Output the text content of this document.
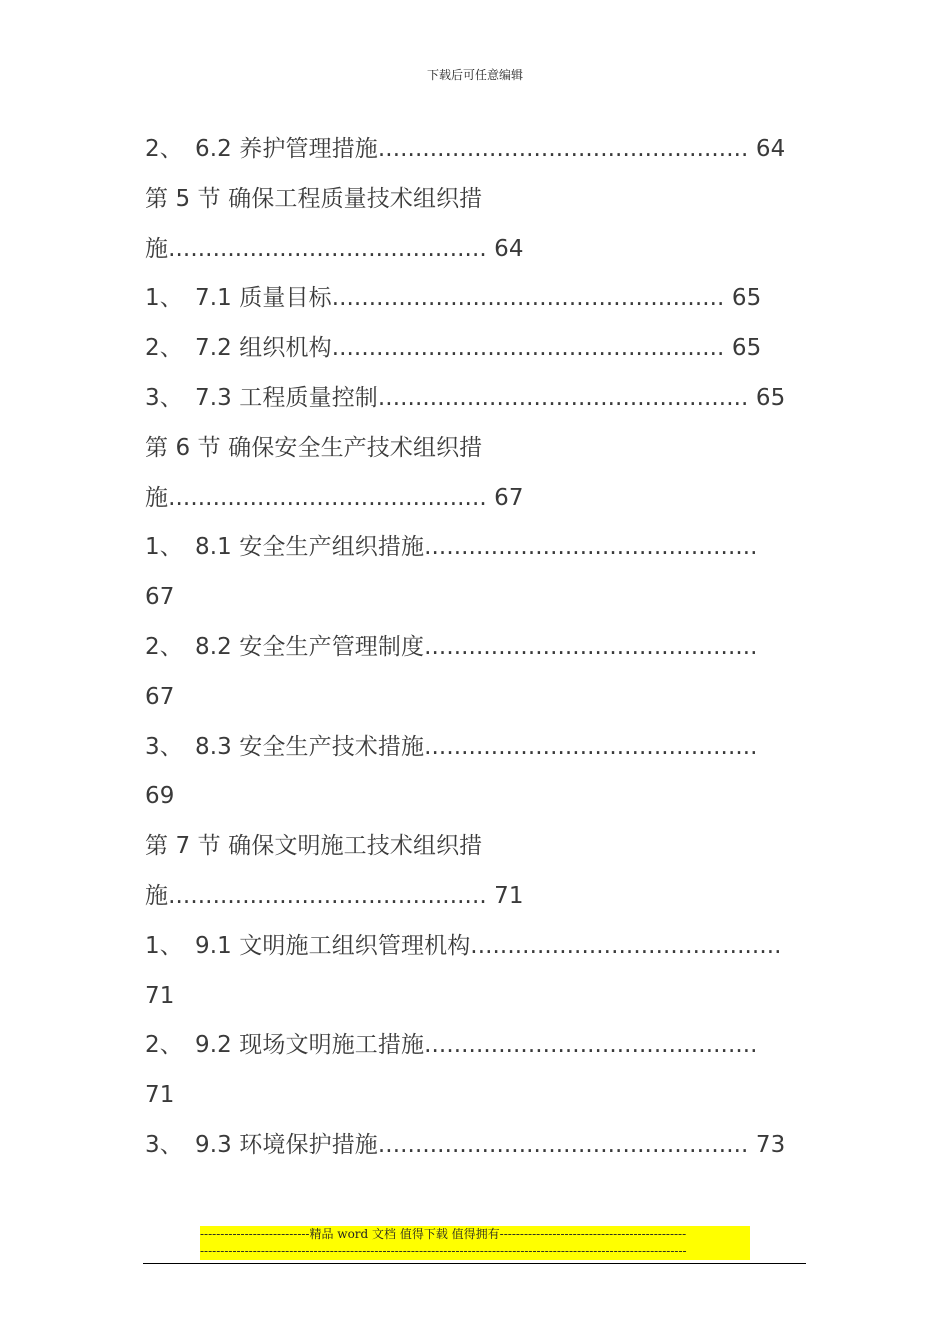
下载后可任意编辑
2、 6.2 养护管理措施.................................................. 64
第 5 节 确保工程质量技术组织措
施........................................... 64
1、 7.1 质量目标..................................................... 65
2、 7.2 组织机构..................................................... 65
3、 7.3 工程质量控制.................................................. 65
第 6 节 确保安全生产技术组织措
施........................................... 67
1、 8.1 安全生产组织措施.............................................
67
2、 8.2 安全生产管理制度.............................................
67
3、 8.3 安全生产技术措施.............................................
69
第 7 节 确保文明施工技术组织措
施........................................... 71
1、 9.1 文明施工组织管理机构..........................................
71
2、 9.2 现场文明施工措施.............................................
71
3、 9.3 环境保护措施.................................................. 73
---------------------------精品 word 文档 值得下载 值得拥有----------------------------------------------
------------------------------------------------------------------------------------------------------------------------
